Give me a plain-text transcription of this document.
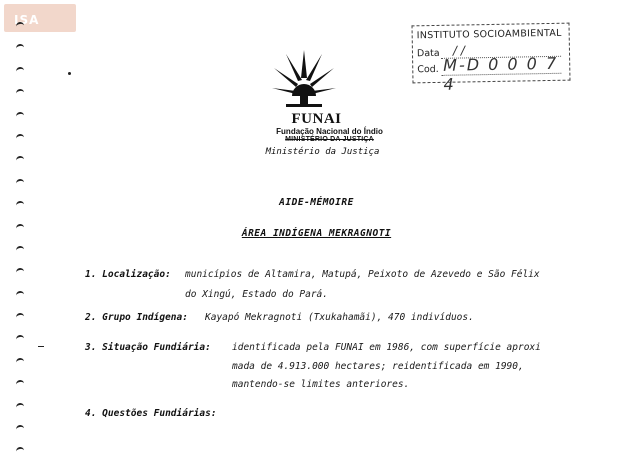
ISA
INSTITUTO SOCIOAMBIENTAL
Data / /
Cod. M-D 0 0 0 7 4
FUNAI
Fundação Nacional do Índio
MINISTÉRIO DA JUSTIÇA
Ministério da Justiça
AIDE-MÉMOIRE
ÁREA INDÍGENA MEKRAGNOTI
1. Localização: municípios de Altamira, Matupá, Peixoto de Azevedo e São Félix
do Xingú, Estado do Pará.
2. Grupo Indígena: Kayapó Mekragnoti (Txukahamãi), 470 indivíduos.
3. Situação Fundiária: identificada pela FUNAI em 1986, com superfície aproxi
mada de 4.913.000 hectares; reidentificada em 1990,
mantendo-se limites anteriores.
4. Questões Fundiárias:
